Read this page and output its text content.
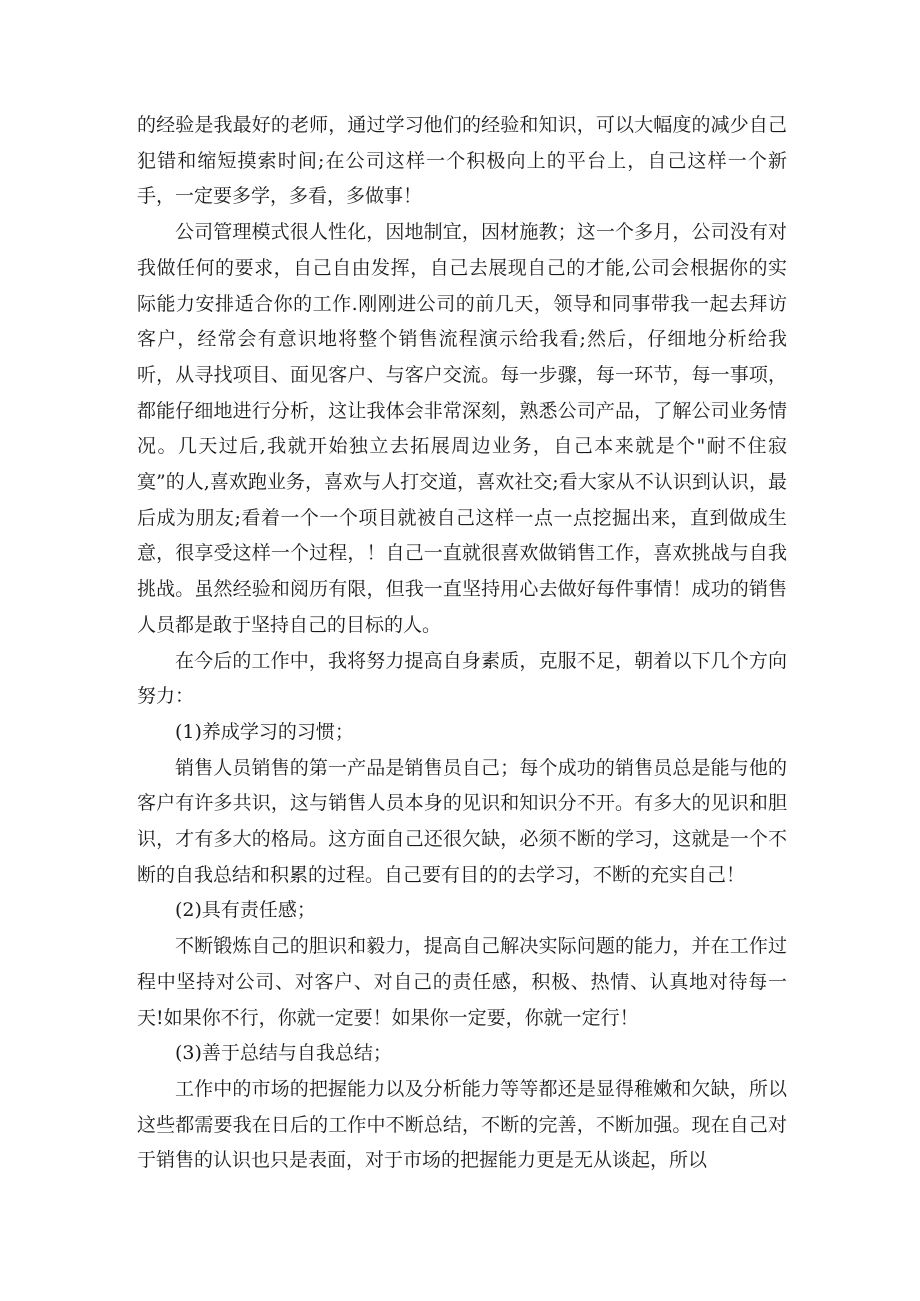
的经验是我最好的老师，通过学习他们的经验和知识，可以大幅度的减少自己犯错和缩短摸索时间;在公司这样一个积极向上的平台上，自己这样一个新手，一定要多学，多看，多做事！

公司管理模式很人性化，因地制宜，因材施教；这一个多月，公司没有对我做任何的要求，自己自由发挥，自己去展现自己的才能,公司会根据你的实际能力安排适合你的工作.刚刚进公司的前几天，领导和同事带我一起去拜访客户，经常会有意识地将整个销售流程演示给我看;然后，仔细地分析给我听，从寻找项目、面见客户、与客户交流。每一步骤，每一环节，每一事项，都能仔细地进行分析，这让我体会非常深刻，熟悉公司产品，了解公司业务情况。几天过后,我就开始独立去拓展周边业务，自己本来就是个"耐不住寂寞”的人,喜欢跑业务，喜欢与人打交道，喜欢社交;看大家从不认识到认识，最后成为朋友;看着一个一个项目就被自己这样一点一点挖掘出来，直到做成生意，很享受这样一个过程，！自己一直就很喜欢做销售工作，喜欢挑战与自我挑战。虽然经验和阅历有限，但我一直坚持用心去做好每件事情！成功的销售人员都是敢于坚持自己的目标的人。

在今后的工作中，我将努力提高自身素质，克服不足，朝着以下几个方向努力：

(1)养成学习的习惯；

销售人员销售的第一产品是销售员自己；每个成功的销售员总是能与他的客户有许多共识，这与销售人员本身的见识和知识分不开。有多大的见识和胆识，才有多大的格局。这方面自己还很欠缺，必须不断的学习，这就是一个不断的自我总结和积累的过程。自己要有目的的去学习，不断的充实自己！

(2)具有责任感；

不断锻炼自己的胆识和毅力，提高自己解决实际问题的能力，并在工作过程中坚持对公司、对客户、对自己的责任感，积极、热情、认真地对待每一天!如果你不行，你就一定要！如果你一定要，你就一定行！

(3)善于总结与自我总结；

工作中的市场的把握能力以及分析能力等等都还是显得稚嫩和欠缺，所以这些都需要我在日后的工作中不断总结，不断的完善，不断加强。现在自己对于销售的认识也只是表面，对于市场的把握能力更是无从谈起，所以
